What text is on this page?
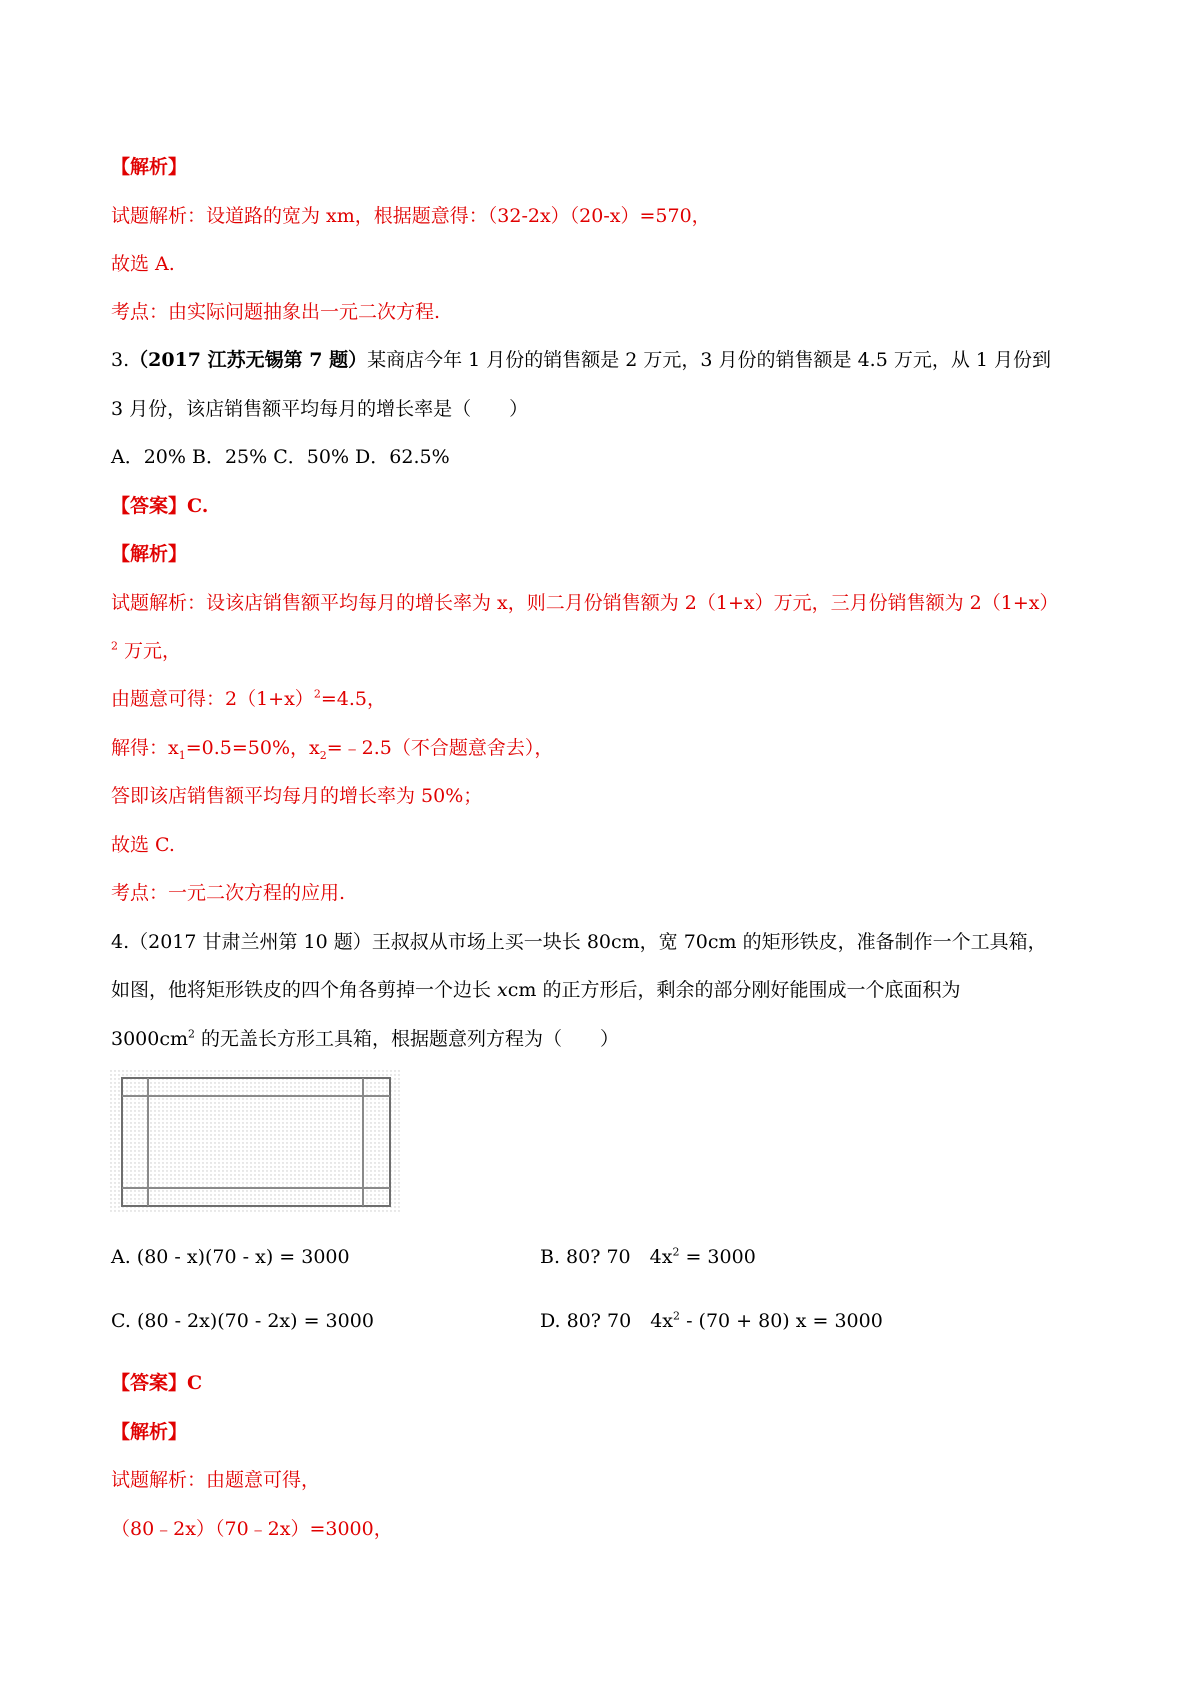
【解析】
试题解析：设道路的宽为 xm，根据题意得：（32-2x）（20-x）=570，
故选 A.
考点：由实际问题抽象出一元二次方程.
3.（2017 江苏无锡第 7 题）某商店今年 1 月份的销售额是 2 万元，3 月份的销售额是 4.5 万元，从 1 月份到
3 月份，该店销售额平均每月的增长率是（　　）
A．20% B．25% C．50% D．62.5%
【答案】C.
【解析】
试题解析：设该店销售额平均每月的增长率为 x，则二月份销售额为 2（1+x）万元，三月份销售额为 2（1+x）
$^2$ 万元，
由题意可得：$2(1+x)^2=4.5$，
解得：$x_1=0.5=50\%$，$x_2=﹣2.5$（不合题意舍去），
答即该店销售额平均每月的增长率为 50%；
故选 C.
考点：一元二次方程的应用.
4.（2017 甘肃兰州第 10 题）王叔叔从市场上买一块长 80cm，宽 70cm 的矩形铁皮，准备制作一个工具箱，
如图，他将矩形铁皮的四个角各剪掉一个边长 xcm 的正方形后，剩余的部分刚好能围成一个底面积为
$3000cm^2$ 的无盖长方形工具箱，根据题意列方程为（　　）
A. (80 - x)(70 - x) = 3000	B. 80? 70　$4x^2 = 3000$
C. (80 - 2x)(70 - 2x) = 3000	D. 80? 70　$4x^2 - (70 + 80) x = 3000$
【答案】C
【解析】
试题解析：由题意可得，
（80﹣2x）（70﹣2x）=3000，
